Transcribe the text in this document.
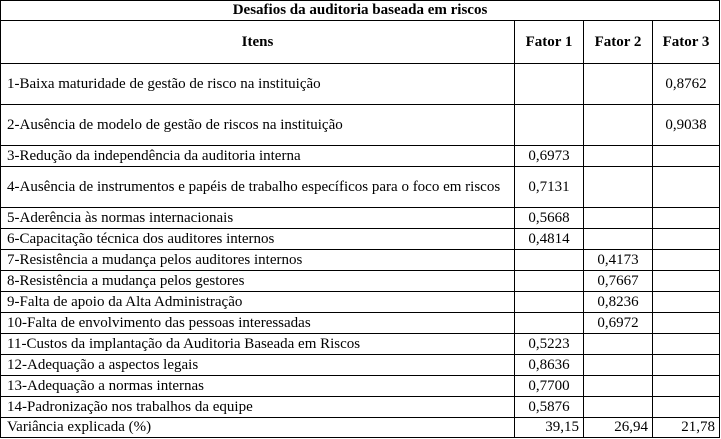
Desafios da auditoria baseada em riscos			
Itens	Fator 1	Fator 2	Fator 3
1-Baixa maturidade de gestão de risco na instituição			0,8762
2-Ausência de modelo de gestão de riscos na instituição			0,9038
3-Redução da independência da auditoria interna	0,6973		
4-Ausência de instrumentos e papéis de trabalho específicos para o foco em riscos	0,7131		
5-Aderência às normas internacionais	0,5668		
6-Capacitação técnica dos auditores internos	0,4814		
7-Resistência a mudança pelos auditores internos		0,4173	
8-Resistência a mudança pelos gestores		0,7667	
9-Falta de apoio da Alta Administração		0,8236	
10-Falta de envolvimento das pessoas interessadas		0,6972	
11-Custos da implantação da Auditoria Baseada em Riscos	0,5223		
12-Adequação a aspectos legais	0,8636		
13-Adequação a normas internas	0,7700		
14-Padronização nos trabalhos da equipe	0,5876		
Variância explicada (%)	39,15	26,94	21,78
